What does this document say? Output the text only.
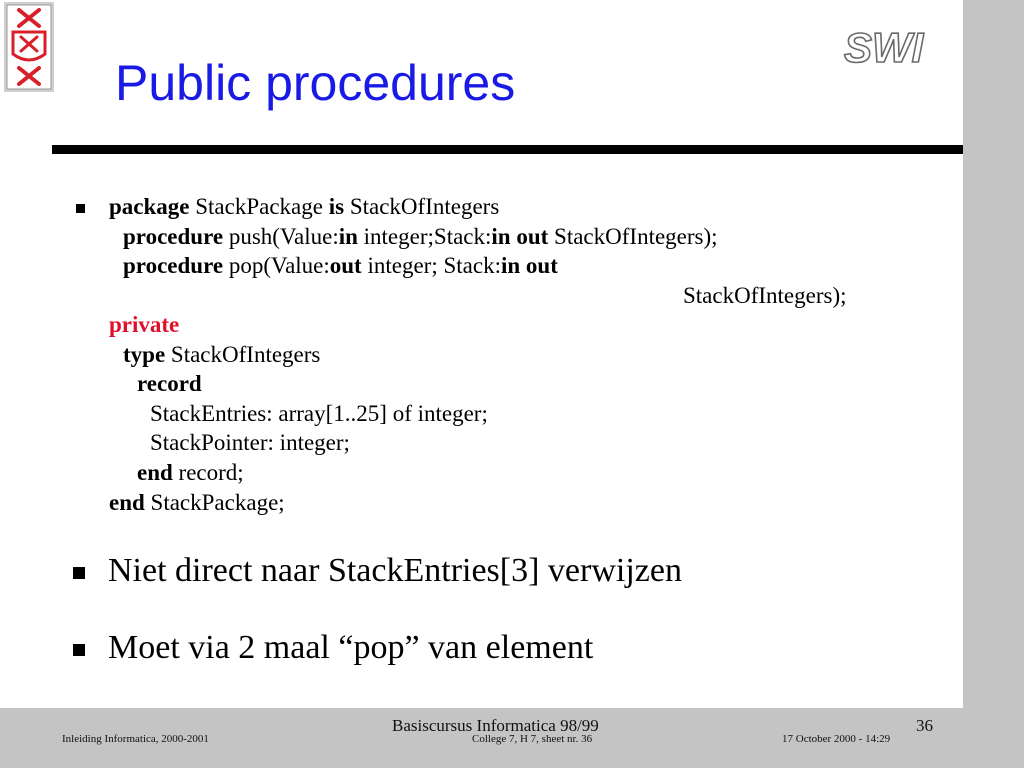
SWI
Public procedures
package StackPackage is StackOfIntegers
procedure push(Value:in integer;Stack:in out StackOfIntegers);
procedure pop(Value:out integer; Stack:in out
StackOfIntegers);
private
type StackOfIntegers
record
StackEntries: array[1..25] of integer;
StackPointer: integer;
end record;
end StackPackage;
Niet direct naar StackEntries[3] verwijzen
Moet via 2 maal “pop” van element
Basiscursus Informatica 98/99
Inleiding Informatica, 2000-2001	College 7, H 7, sheet nr. 36	17 October 2000 - 14:29
36
